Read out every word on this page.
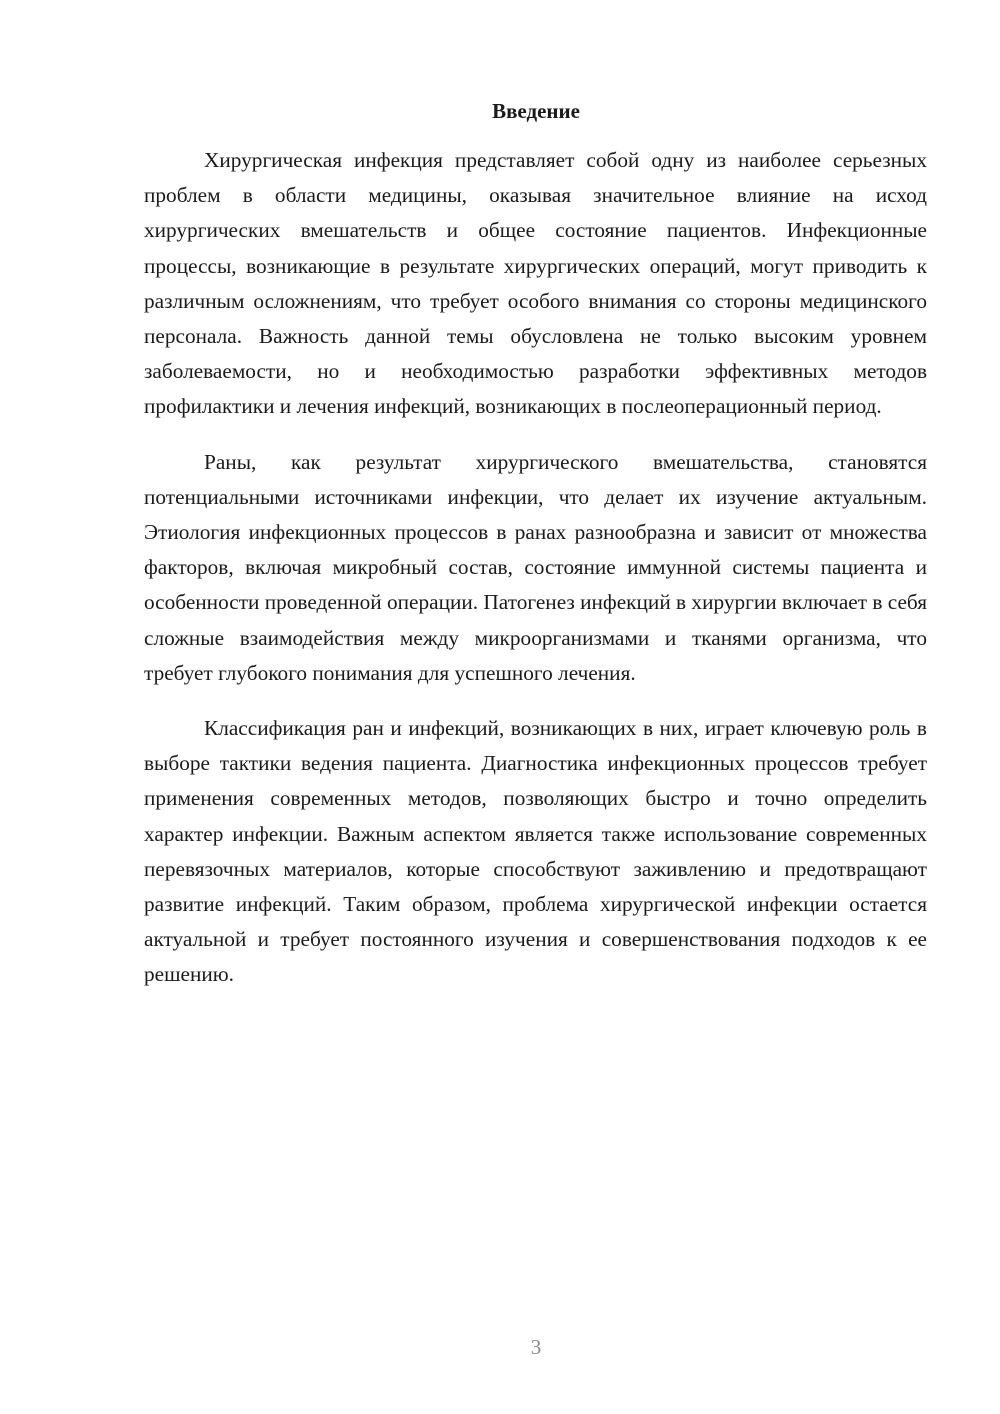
Введение

Хирургическая инфекция представляет собой одну из наиболее серьезных проблем в области медицины, оказывая значительное влияние на исход хирургических вмешательств и общее состояние пациентов. Инфекционные процессы, возникающие в результате хирургических операций, могут приводить к различным осложнениям, что требует особого внимания со стороны медицинского персонала. Важность данной темы обусловлена не только высоким уровнем заболеваемости, но и необходимостью разработки эффективных методов профилактики и лечения инфекций, возникающих в послеоперационный период.

Раны, как результат хирургического вмешательства, становятся потенциальными источниками инфекции, что делает их изучение актуальным. Этиология инфекционных процессов в ранах разнообразна и зависит от множества факторов, включая микробный состав, состояние иммунной системы пациента и особенности проведенной операции. Патогенез инфекций в хирургии включает в себя сложные взаимодействия между микроорганизмами и тканями организма, что требует глубокого понимания для успешного лечения.

Классификация ран и инфекций, возникающих в них, играет ключевую роль в выборе тактики ведения пациента. Диагностика инфекционных процессов требует применения современных методов, позволяющих быстро и точно определить характер инфекции. Важным аспектом является также использование современных перевязочных материалов, которые способствуют заживлению и предотвращают развитие инфекций. Таким образом, проблема хирургической инфекции остается актуальной и требует постоянного изучения и совершенствования подходов к ее решению.

3
